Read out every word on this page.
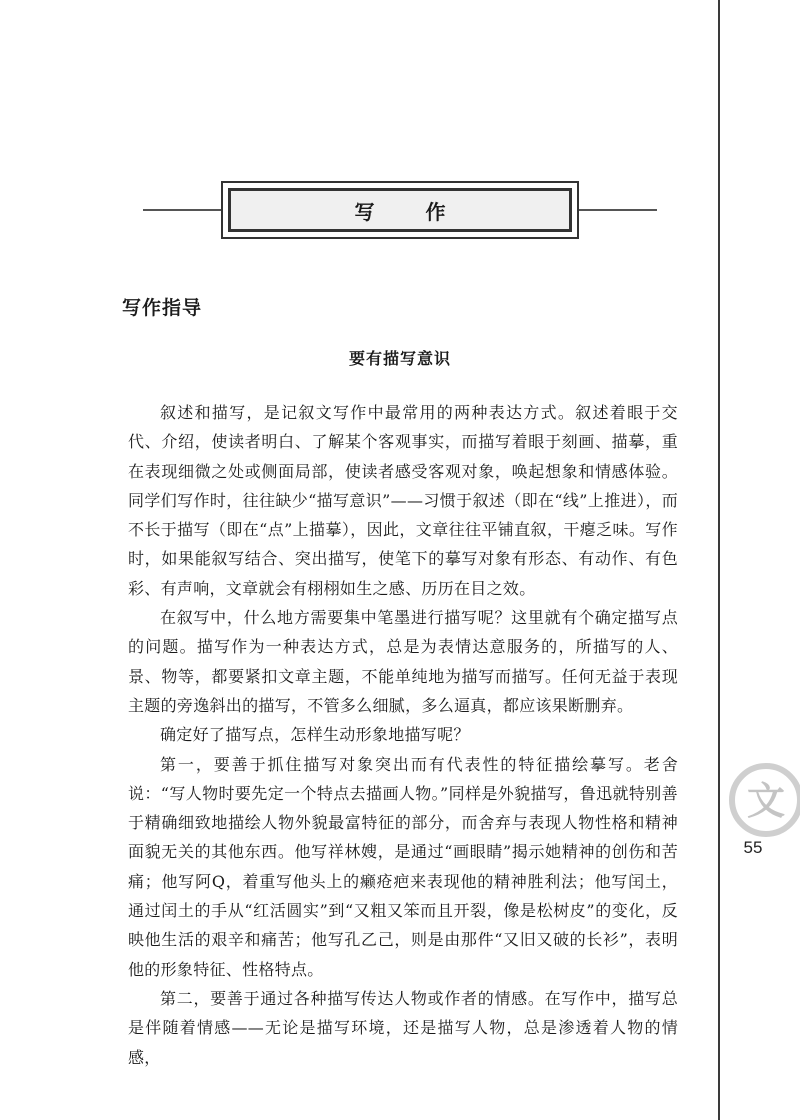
文
55
写 作
写作指导
要有描写意识

叙述和描写，是记叙文写作中最常用的两种表达方式。叙述着眼于交代、介绍，使读者明白、了解某个客观事实，而描写着眼于刻画、描摹，重在表现细微之处或侧面局部，使读者感受客观对象，唤起想象和情感体验。同学们写作时，往往缺少“描写意识”——习惯于叙述（即在“线”上推进），而不长于描写（即在“点”上描摹），因此，文章往往平铺直叙，干瘪乏味。写作时，如果能叙写结合、突出描写，使笔下的摹写对象有形态、有动作、有色彩、有声响，文章就会有栩栩如生之感、历历在目之效。

在叙写中，什么地方需要集中笔墨进行描写呢？这里就有个确定描写点的问题。描写作为一种表达方式，总是为表情达意服务的，所描写的人、景、物等，都要紧扣文章主题，不能单纯地为描写而描写。任何无益于表现主题的旁逸斜出的描写，不管多么细腻，多么逼真，都应该果断删弃。

确定好了描写点，怎样生动形象地描写呢？

第一，要善于抓住描写对象突出而有代表性的特征描绘摹写。老舍说：“写人物时要先定一个特点去描画人物。”同样是外貌描写，鲁迅就特别善于精确细致地描绘人物外貌最富特征的部分，而舍弃与表现人物性格和精神面貌无关的其他东西。他写祥林嫂，是通过“画眼睛”揭示她精神的创伤和苦痛；他写阿Q，着重写他头上的癞疮疤来表现他的精神胜利法；他写闰土，通过闰土的手从“红活圆实”到“又粗又笨而且开裂，像是松树皮”的变化，反映他生活的艰辛和痛苦；他写孔乙己，则是由那件“又旧又破的长衫”，表明他的形象特征、性格特点。

第二，要善于通过各种描写传达人物或作者的情感。在写作中，描写总是伴随着情感——无论是描写环境，还是描写人物，总是渗透着人物的情感，
